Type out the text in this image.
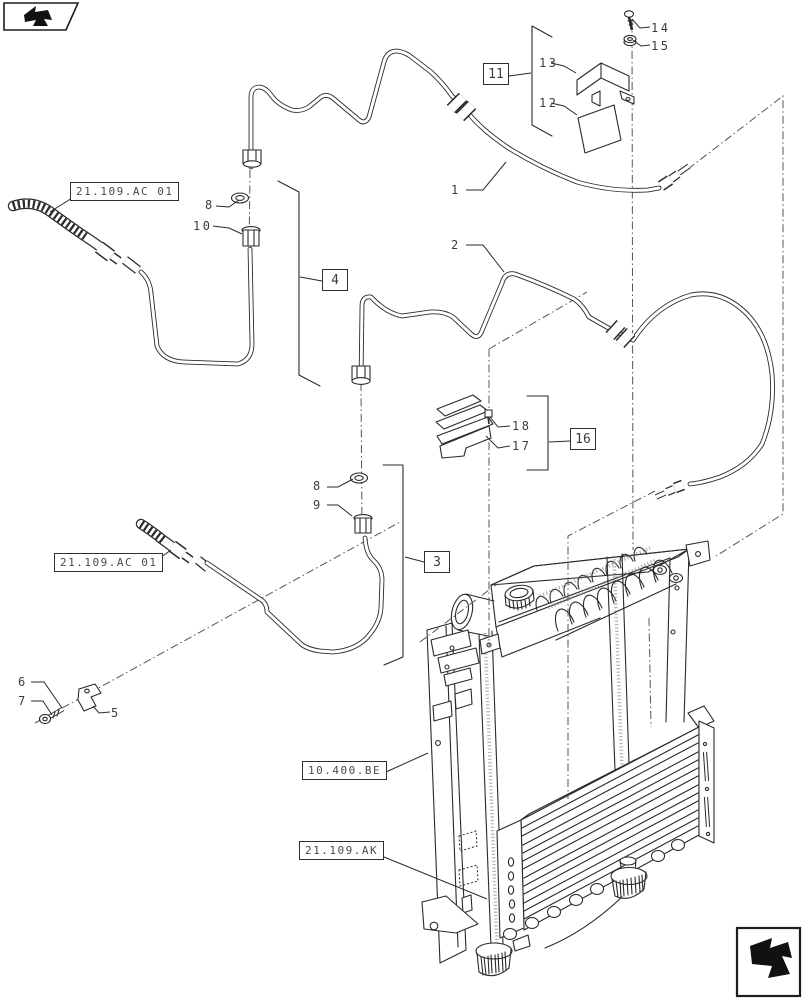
1
2
8
10
13
12
14
15
18
17
8
9
6
7
5
4
3
11
16
21.109.AC 01
21.109.AC 01
10.400.BE
21.109.AK
